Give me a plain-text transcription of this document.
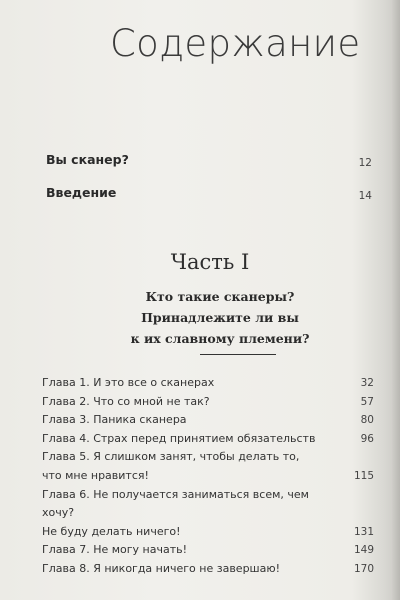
Содержание
Вы сканер?	12
Введение	14
Часть I
Кто такие сканеры?
Принадлежите ли вы
к их славному племени?
Глава 1. И это все о сканерах	32
Глава 2. Что со мной не так?	57
Глава 3. Паника сканера	80
Глава 4. Страх перед принятием обязательств	96
Глава 5. Я слишком занят, чтобы делать то,
что мне нравится!	115
Глава 6. Не получается заниматься всем, чем хочу?
Не буду делать ничего!	131
Глава 7. Не могу начать!	149
Глава 8. Я никогда ничего не завершаю!	170
